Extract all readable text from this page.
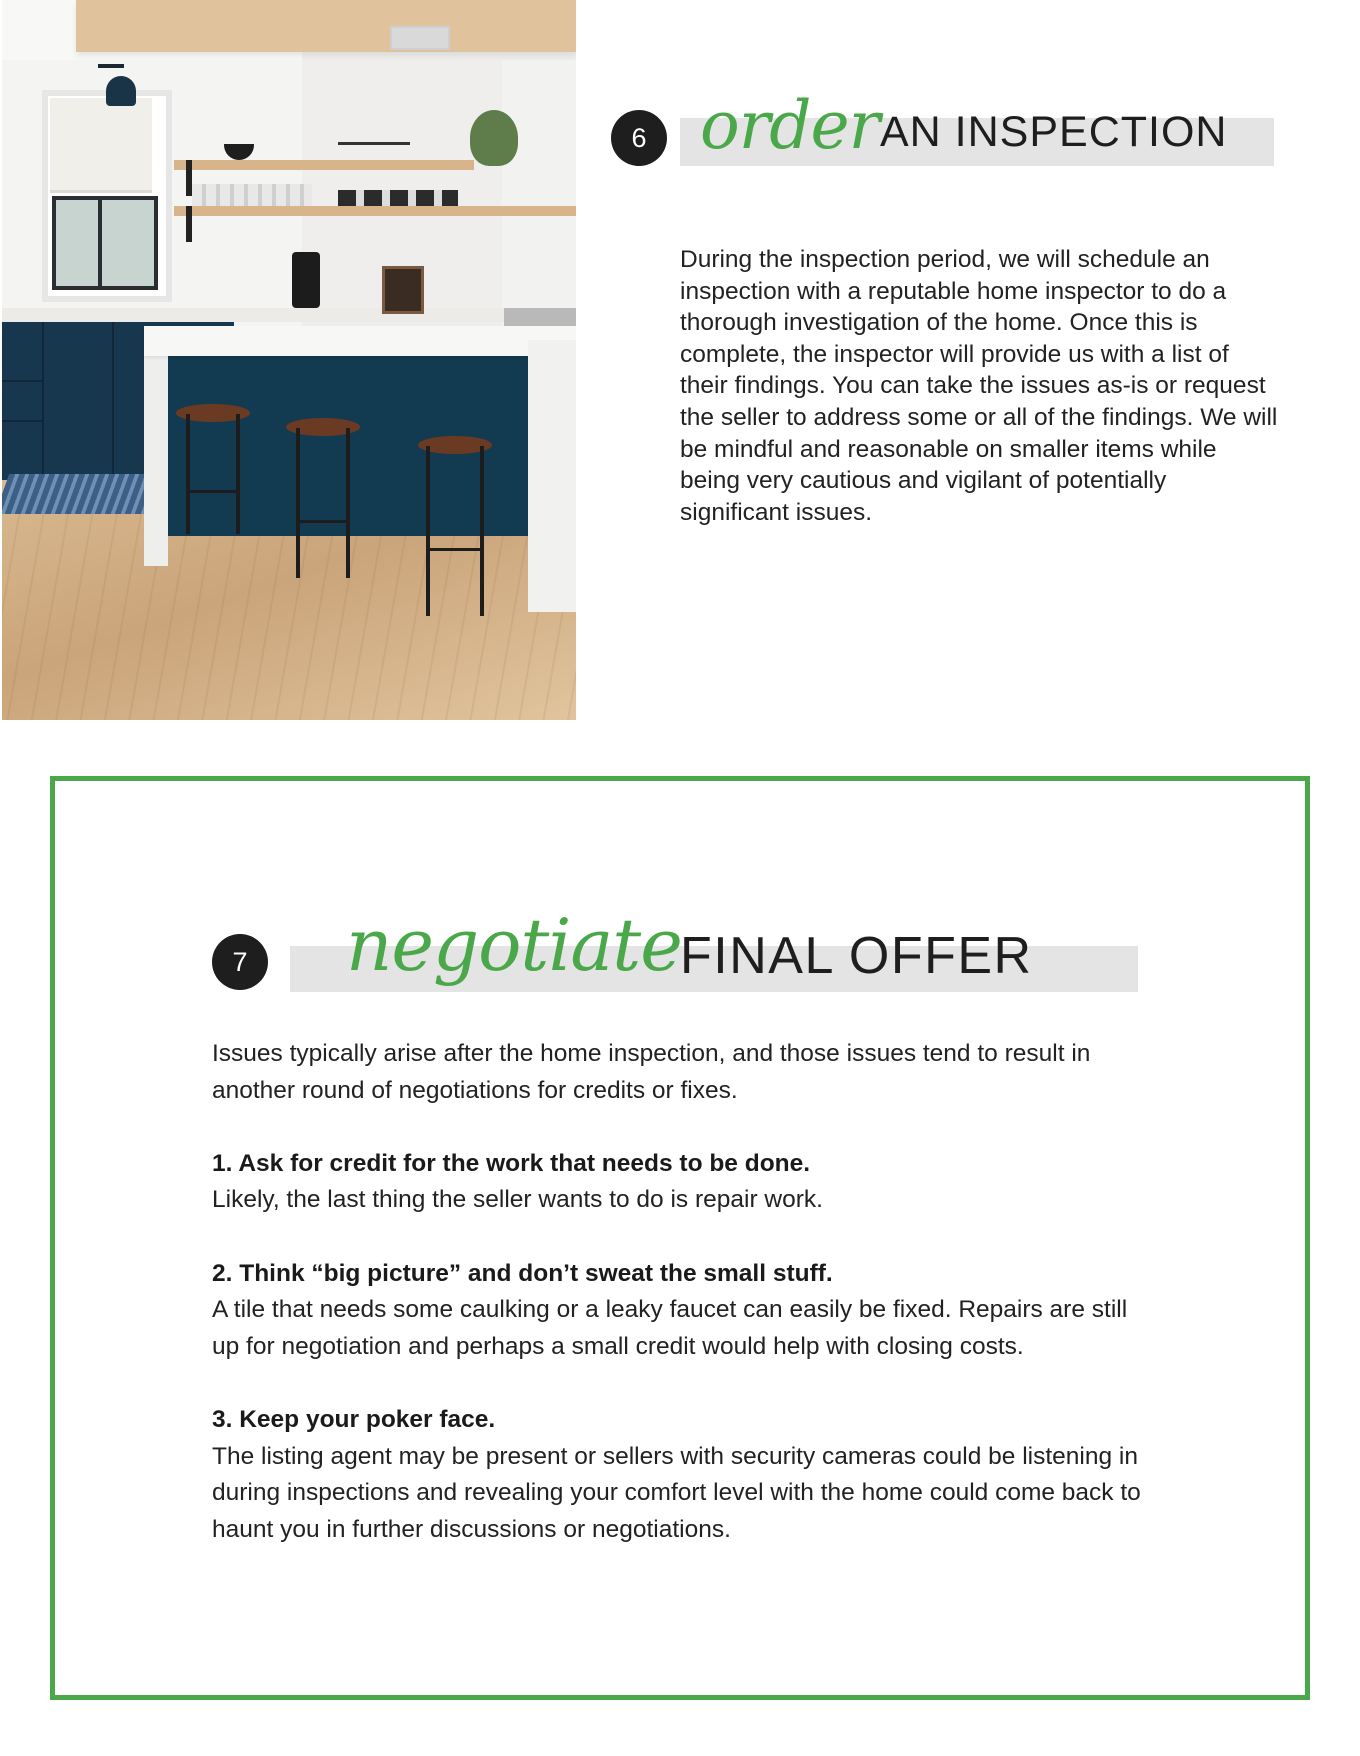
6 order AN INSPECTION
During the inspection period, we will schedule an inspection with a reputable home inspector to do a thorough investigation of the home. Once this is complete, the inspector will provide us with a list of their findings. You can take the issues as-is or request the seller to address some or all of the findings. We will be mindful and reasonable on smaller items while being very cautious and vigilant of potentially significant issues.
7 negotiate
FINAL OFFER

Issues typically arise after the home inspection, and those issues tend to result in another round of negotiations for credits or fixes.

1. Ask for credit for the work that needs to be done.

Likely, the last thing the seller wants to do is repair work.

2. Think “big picture” and don’t sweat the small stuff.

A tile that needs some caulking or a leaky faucet can easily be fixed. Repairs are still up for negotiation and perhaps a small credit would help with closing costs.

3. Keep your poker face.

The listing agent may be present or sellers with security cameras could be listening in during inspections and revealing your comfort level with the home could come back to haunt you in further discussions or negotiations.
